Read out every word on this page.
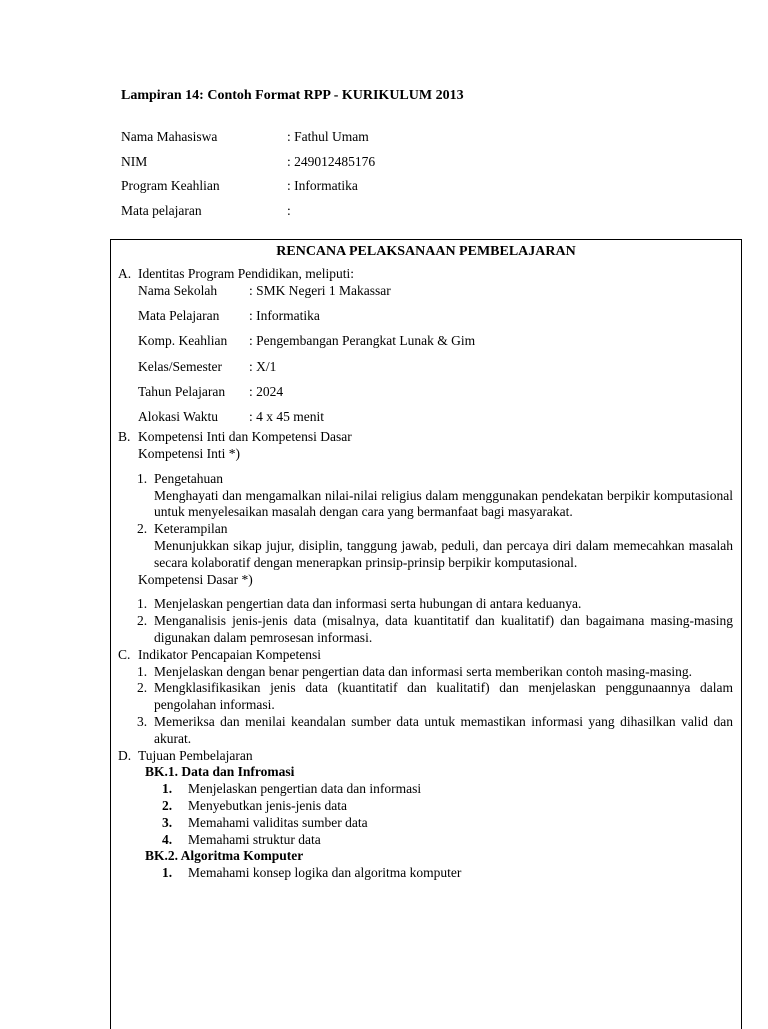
Lampiran 14: Contoh Format RPP - KURIKULUM 2013
Nama Mahasiswa	: Fathul Umam
NIM	: 249012485176
Program Keahlian	: Informatika
Mata pelajaran	:
RENCANA PELAKSANAAN PEMBELAJARAN
A. Identitas Program Pendidikan, meliputi:
Nama Sekolah : SMK Negeri 1 Makassar
Mata Pelajaran : Informatika
Komp. Keahlian : Pengembangan Perangkat Lunak & Gim
Kelas/Semester : X/1
Tahun Pelajaran : 2024
Alokasi Waktu : 4 x 45 menit
B. Kompetensi Inti dan Kompetensi Dasar
Kompetensi Inti *)
1. Pengetahuan
Menghayati dan mengamalkan nilai-nilai religius dalam menggunakan pendekatan berpikir komputasional untuk menyelesaikan masalah dengan cara yang bermanfaat bagi masyarakat.
2. Keterampilan
Menunjukkan sikap jujur, disiplin, tanggung jawab, peduli, dan percaya diri dalam memecahkan masalah secara kolaboratif dengan menerapkan prinsip-prinsip berpikir komputasional.
Kompetensi Dasar *)
1. Menjelaskan pengertian data dan informasi serta hubungan di antara keduanya.
2. Menganalisis jenis-jenis data (misalnya, data kuantitatif dan kualitatif) dan bagaimana masing-masing digunakan dalam pemrosesan informasi.
C. Indikator Pencapaian Kompetensi
1. Menjelaskan dengan benar pengertian data dan informasi serta memberikan contoh masing-masing.
2. Mengklasifikasikan jenis data (kuantitatif dan kualitatif) dan menjelaskan penggunaannya dalam pengolahan informasi.
3. Memeriksa dan menilai keandalan sumber data untuk memastikan informasi yang dihasilkan valid dan akurat.
D. Tujuan Pembelajaran
BK.1. Data dan Infromasi
1. Menjelaskan pengertian data dan informasi
2. Menyebutkan jenis-jenis data
3. Memahami validitas sumber data
4. Memahami struktur data
BK.2. Algoritma Komputer
1. Memahami konsep logika dan algoritma komputer
